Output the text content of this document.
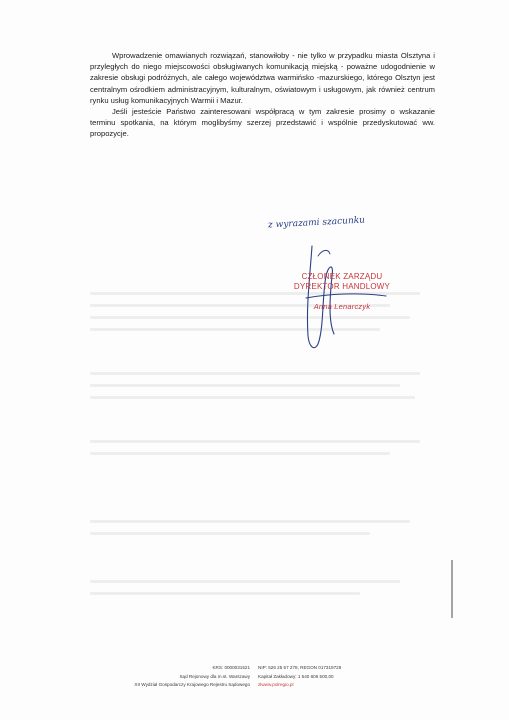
Wprowadzenie omawianych rozwiązań, stanowiłoby - nie tylko w przypadku miasta Olsztyna i przyległych do niego miejscowości obsługiwanych komunikacją miejską - poważne udogodnienie w zakresie obsługi podróżnych, ale całego województwa warmińsko -mazurskiego, którego Olsztyn jest centralnym ośrodkiem administracyjnym, kulturalnym, oświatowym i usługowym, jak również centrum rynku usług komunikacyjnych Warmii i Mazur.

Jeśli jesteście Państwo zainteresowani współpracą w tym zakresie prosimy o wskazanie terminu spotkania, na którym moglibyśmy szerzej przedstawić i wspólnie przedyskutować ww. propozycje.

z wyrazami szacunku
CZŁONEK ZARZĄDU
DYREKTOR HANDLOWY
Anna Lenarczyk
KRS: 0000031521
Sąd Rejonowy dla m.st. Warszawy
XII Wydział Gospodarczy Krajowego Rejestru Sądowego
NIP: 526 25 57 278, REGON 017319729
Kapitał Zakładowy: 1 540 606 500,00
zlwww.polregio.pl
